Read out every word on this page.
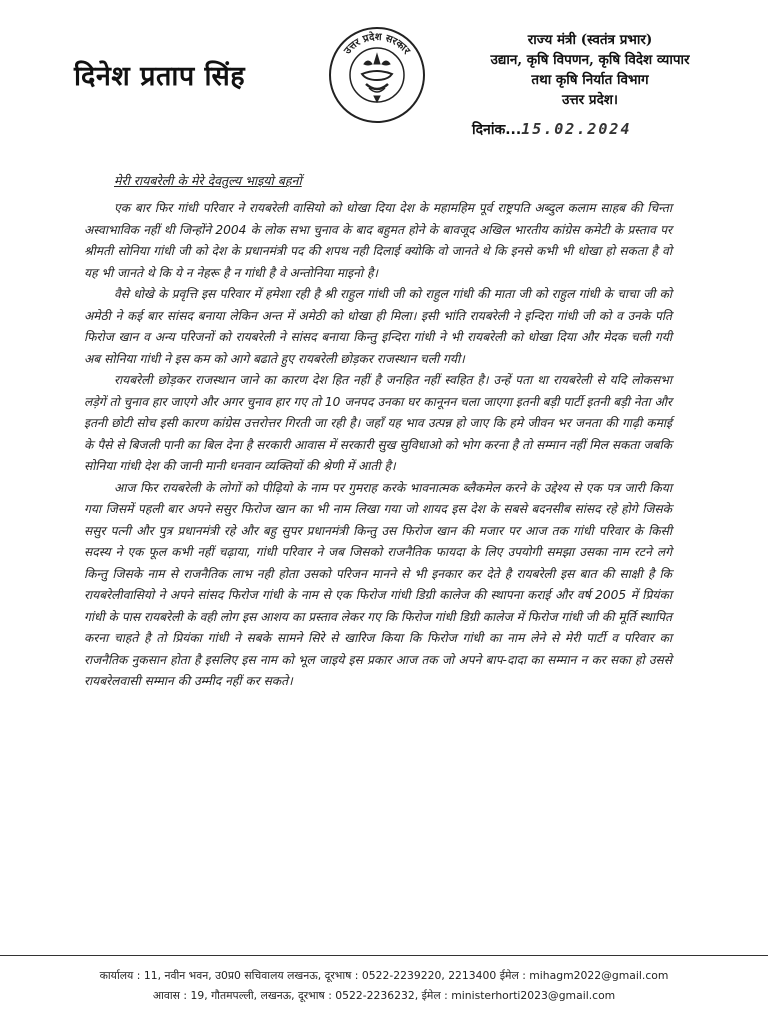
दिनेश प्रताप सिंह
उत्तर प्रदेश सरकार
राज्य मंत्री (स्वतंत्र प्रभार)
उद्यान, कृषि विपणन, कृषि विदेश व्यापार
तथा कृषि निर्यात विभाग
उत्तर प्रदेश।
दिनांक...15.02.2024
मेरी रायबरेली के मेरे देवतुल्य भाइयो बहनों

एक बार फिर गांधी परिवार ने रायबरेली वासियो को धोखा दिया देश के महामहिम पूर्व राष्ट्रपति अब्दुल कलाम साहब की चिन्ता अस्वाभाविक नहीं थी जिन्होंने 2004 के लोक सभा चुनाव के बाद बहुमत होने के बावजूद अखिल भारतीय कांग्रेस कमेटी के प्रस्ताव पर श्रीमती सोनिया गांधी जी को देश के प्रधानमंत्री पद की शपथ नही दिलाई क्योकि वो जानते थे कि इनसे कभी भी धोखा हो सकता है वो यह भी जानते थे कि ये न नेहरू है न गांधी है वे अन्तोनिया माइनो है।

वैसे धोखे के प्रवृत्ति इस परिवार में हमेशा रही है श्री राहुल गांधी जी को राहुल गांधी की माता जी को राहुल गांधी के चाचा जी को अमेठी ने कई बार सांसद बनाया लेकिन अन्त में अमेठी को धोखा ही मिला। इसी भांति रायबरेली ने इन्दिरा गांधी जी को व उनके पति फिरोज खान व अन्य परिजनों को रायबरेली ने सांसद बनाया किन्तु इन्दिरा गांधी ने भी रायबरेली को धोखा दिया और मेदक चली गयी अब सोनिया गांधी ने इस कम को आगे बढाते हुए रायबरेली छोड़कर राजस्थान चली गयी।

रायबरेली छोड़कर राजस्थान जाने का कारण देश हित नहीं है जनहित नहीं स्वहित है। उन्हें पता था रायबरेली से यदि लोकसभा लड़ेगें तो चुनाव हार जाएगे और अगर चुनाव हार गए तो 10 जनपद उनका घर कानूनन चला जाएगा इतनी बड़ी पार्टी इतनी बड़ी नेता और इतनी छोटी सोच इसी कारण कांग्रेस उत्तरोत्तर गिरती जा रही है। जहाँ यह भाव उत्पन्न हो जाए कि हमे जीवन भर जनता की गाढ़ी कमाई के पैसे से बिजली पानी का बिल देना है सरकारी आवास में सरकारी सुख सुविधाओ को भोग करना है तो सम्मान नहीं मिल सकता जबकि सोनिया गांधी देश की जानी मानी धनवान व्यक्तियों की श्रेणी में आती है।

आज फिर रायबरेली के लोगों को पीढ़ियो के नाम पर गुमराह करके भावनात्मक ब्लैकमेल करने के उद्देश्य से एक पत्र जारी किया गया जिसमें पहली बार अपने ससुर फिरोज खान का भी नाम लिखा गया जो शायद इस देश के सबसे बदनसीब सांसद रहे होगे जिसके ससुर पत्नी और पुत्र प्रधानमंत्री रहे और बहु सुपर प्रधानमंत्री किन्तु उस फिरोज खान की मजार पर आज तक गांधी परिवार के किसी सदस्य ने एक फूल कभी नहीं चढ़ाया, गांधी परिवार ने जब जिसको राजनैतिक फायदा के लिए उपयोगी समझा उसका नाम रटने लगे किन्तु जिसके नाम से राजनैतिक लाभ नही होता उसको परिजन मानने से भी इनकार कर देते है रायबरेली इस बात की साक्षी है कि रायबरेलीवासियो ने अपने सांसद फिरोज गांधी के नाम से एक फिरोज गांधी डिग्री कालेज की स्थापना कराई और वर्ष 2005 में प्रियंका गांधी के पास रायबरेली के वही लोग इस आशय का प्रस्ताव लेकर गए कि फिरोज गांधी डिग्री कालेज में फिरोज गांधी जी की मूर्ति स्थापित करना चाहते है तो प्रियंका गांधी ने सबके सामने सिरे से खारिज किया कि फिरोज गांधी का नाम लेने से मेरी पार्टी व परिवार का राजनैतिक नुकसान होता है इसलिए इस नाम को भूल जाइये इस प्रकार आज तक जो अपने बाप-दादा का सम्मान न कर सका हो उससे रायबरेलवासी सम्मान की उम्मीद नहीं कर सकते।

कार्यालय : 11, नवीन भवन, उ0प्र0 सचिवालय लखनऊ, दूरभाष : 0522-2239220, 2213400 ईमेल : mihagm2022@gmail.com
आवास : 19, गौतमपल्ली, लखनऊ, दूरभाष : 0522-2236232, ईमेल : ministerhorti2023@gmail.com
